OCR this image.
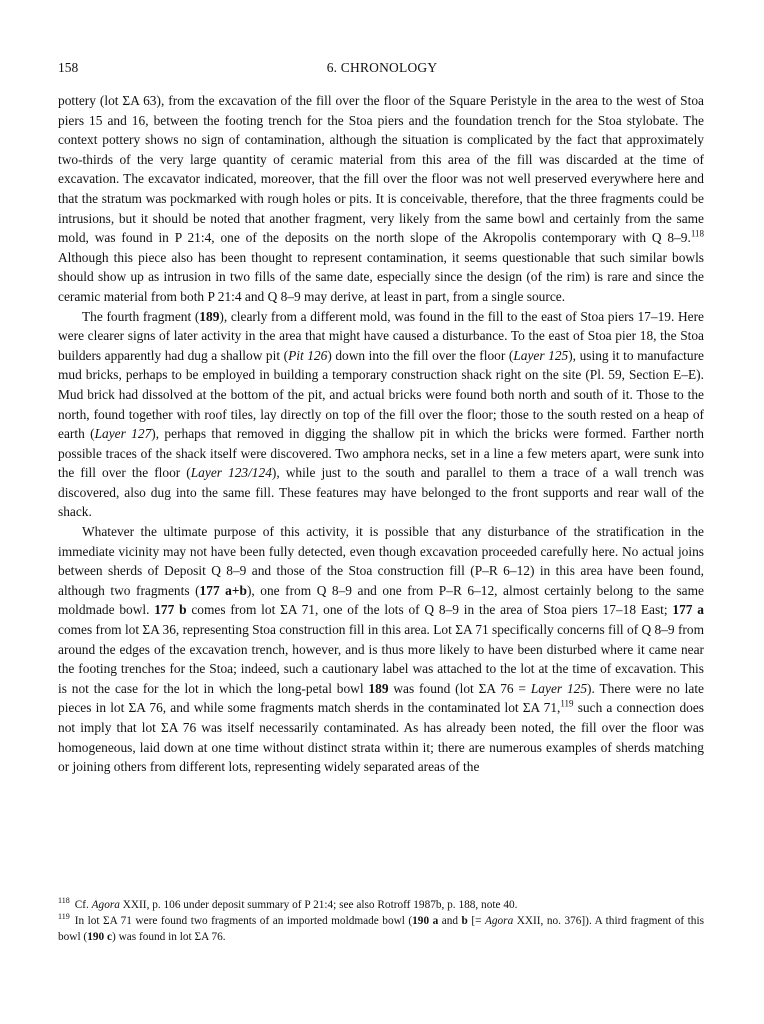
158	6. CHRONOLOGY

pottery (lot ΣA 63), from the excavation of the fill over the floor of the Square Peristyle in the area to the west of Stoa piers 15 and 16, between the footing trench for the Stoa piers and the foundation trench for the Stoa stylobate. The context pottery shows no sign of contamination, although the situation is complicated by the fact that approximately two-thirds of the very large quantity of ceramic material from this area of the fill was discarded at the time of excavation. The excavator indicated, moreover, that the fill over the floor was not well preserved everywhere here and that the stratum was pockmarked with rough holes or pits. It is conceivable, therefore, that the three fragments could be intrusions, but it should be noted that another fragment, very likely from the same bowl and certainly from the same mold, was found in P 21:4, one of the deposits on the north slope of the Akropolis contemporary with Q 8–9.$^{118}$ Although this piece also has been thought to represent contamination, it seems questionable that such similar bowls should show up as intrusion in two fills of the same date, especially since the design (of the rim) is rare and since the ceramic material from both P 21:4 and Q 8–9 may derive, at least in part, from a single source.

The fourth fragment (189), clearly from a different mold, was found in the fill to the east of Stoa piers 17–19. Here were clearer signs of later activity in the area that might have caused a disturbance. To the east of Stoa pier 18, the Stoa builders apparently had dug a shallow pit (Pit 126) down into the fill over the floor (Layer 125), using it to manufacture mud bricks, perhaps to be employed in building a temporary construction shack right on the site (Pl. 59, Section E–E). Mud brick had dissolved at the bottom of the pit, and actual bricks were found both north and south of it. Those to the north, found together with roof tiles, lay directly on top of the fill over the floor; those to the south rested on a heap of earth (Layer 127), perhaps that removed in digging the shallow pit in which the bricks were formed. Farther north possible traces of the shack itself were discovered. Two amphora necks, set in a line a few meters apart, were sunk into the fill over the floor (Layer 123/124), while just to the south and parallel to them a trace of a wall trench was discovered, also dug into the same fill. These features may have belonged to the front supports and rear wall of the shack.

Whatever the ultimate purpose of this activity, it is possible that any disturbance of the stratification in the immediate vicinity may not have been fully detected, even though excavation proceeded carefully here. No actual joins between sherds of Deposit Q 8–9 and those of the Stoa construction fill (P–R 6–12) in this area have been found, although two fragments (177 a+b), one from Q 8–9 and one from P–R 6–12, almost certainly belong to the same moldmade bowl. 177 b comes from lot ΣA 71, one of the lots of Q 8–9 in the area of Stoa piers 17–18 East; 177 a comes from lot ΣA 36, representing Stoa construction fill in this area. Lot ΣA 71 specifically concerns fill of Q 8–9 from around the edges of the excavation trench, however, and is thus more likely to have been disturbed where it came near the footing trenches for the Stoa; indeed, such a cautionary label was attached to the lot at the time of excavation. This is not the case for the lot in which the long-petal bowl 189 was found (lot ΣA 76 = Layer 125). There were no late pieces in lot ΣA 76, and while some fragments match sherds in the contaminated lot ΣA 71,$^{119}$ such a connection does not imply that lot ΣA 76 was itself necessarily contaminated. As has already been noted, the fill over the floor was homogeneous, laid down at one time without distinct strata within it; there are numerous examples of sherds matching or joining others from different lots, representing widely separated areas of the

$^{118}$ Cf. Agora XXII, p. 106 under deposit summary of P 21:4; see also Rotroff 1987b, p. 188, note 40.

$^{119}$ In lot ΣA 71 were found two fragments of an imported moldmade bowl (190 a and b [= Agora XXII, no. 376]). A third fragment of this bowl (190 c) was found in lot ΣA 76.
